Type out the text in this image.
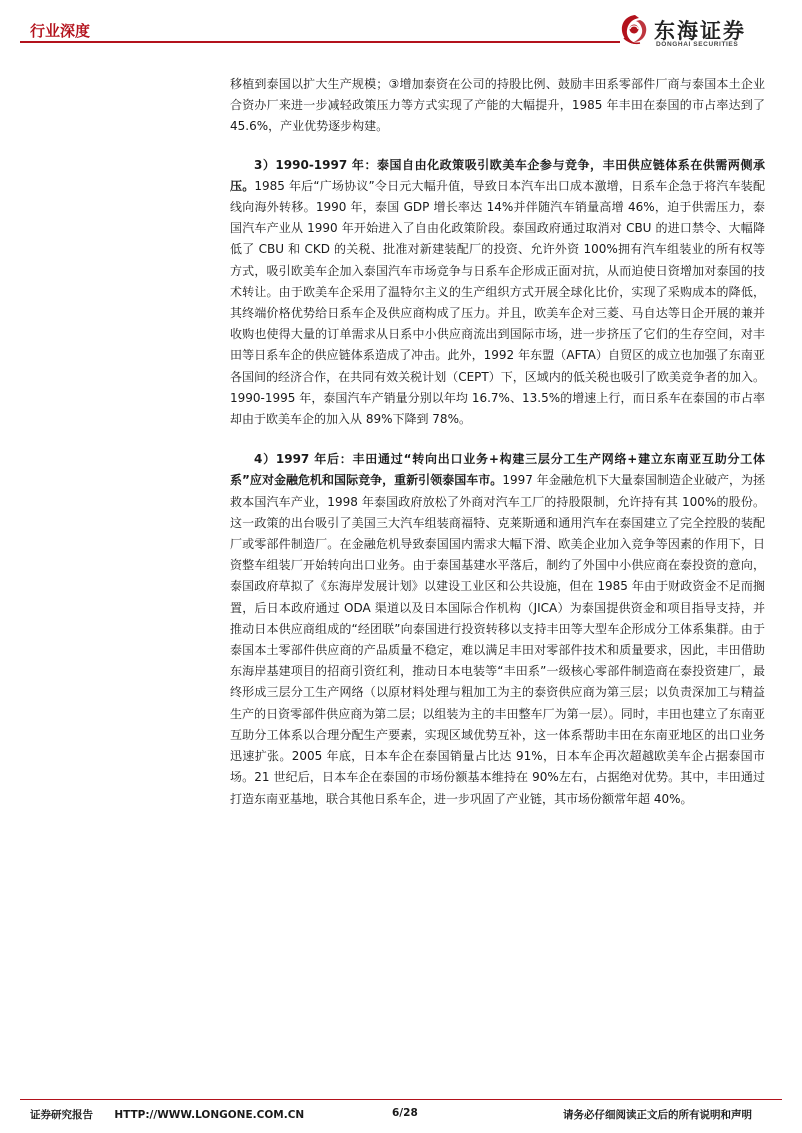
行业深度	东海证券
DONGHAI SECURITIES

移植到泰国以扩大生产规模；③增加泰资在公司的持股比例、鼓励丰田系零部件厂商与泰国本土企业合资办厂来进一步减轻政策压力等方式实现了产能的大幅提升，1985 年丰田在泰国的市占率达到了 45.6%，产业优势逐步构建。

3）1990-1997 年：泰国自由化政策吸引欧美车企参与竞争，丰田供应链体系在供需两侧承压。1985 年后“广场协议”令日元大幅升值，导致日本汽车出口成本激增，日系车企急于将汽车装配线向海外转移。1990 年，泰国 GDP 增长率达 14%并伴随汽车销量高增 46%，迫于供需压力，泰国汽车产业从 1990 年开始进入了自由化政策阶段。泰国政府通过取消对 CBU 的进口禁令、大幅降低了 CBU 和 CKD 的关税、批准对新建装配厂的投资、允许外资 100%拥有汽车组装业的所有权等方式，吸引欧美车企加入泰国汽车市场竞争与日系车企形成正面对抗，从而迫使日资增加对泰国的技术转让。由于欧美车企采用了温特尔主义的生产组织方式开展全球化比价，实现了采购成本的降低，其终端价格优势给日系车企及供应商构成了压力。并且，欧美车企对三菱、马自达等日企开展的兼并收购也使得大量的订单需求从日系中小供应商流出到国际市场，进一步挤压了它们的生存空间，对丰田等日系车企的供应链体系造成了冲击。此外，1992 年东盟（AFTA）自贸区的成立也加强了东南亚各国间的经济合作，在共同有效关税计划（CEPT）下，区域内的低关税也吸引了欧美竞争者的加入。1990-1995 年，泰国汽车产销量分别以年均 16.7%、13.5%的增速上行，而日系车在泰国的市占率却由于欧美车企的加入从 89%下降到 78%。

4）1997 年后：丰田通过“转向出口业务+构建三层分工生产网络+建立东南亚互助分工体系”应对金融危机和国际竞争，重新引领泰国车市。1997 年金融危机下大量泰国制造企业破产，为拯救本国汽车产业，1998 年泰国政府放松了外商对汽车工厂的持股限制，允许持有其 100%的股份。这一政策的出台吸引了美国三大汽车组装商福特、克莱斯通和通用汽车在泰国建立了完全控股的装配厂或零部件制造厂。在金融危机导致泰国国内需求大幅下滑、欧美企业加入竞争等因素的作用下，日资整车组装厂开始转向出口业务。由于泰国基建水平落后，制约了外国中小供应商在泰投资的意向，泰国政府草拟了《东海岸发展计划》以建设工业区和公共设施，但在 1985 年由于财政资金不足而搁置，后日本政府通过 ODA 渠道以及日本国际合作机构（JICA）为泰国提供资金和项目指导支持，并推动日本供应商组成的“经团联”向泰国进行投资转移以支持丰田等大型车企形成分工体系集群。由于泰国本土零部件供应商的产品质量不稳定，难以满足丰田对零部件技术和质量要求，因此，丰田借助东海岸基建项目的招商引资红利，推动日本电装等“丰田系”一级核心零部件制造商在泰投资建厂，最终形成三层分工生产网络（以原材料处理与粗加工为主的泰资供应商为第三层；以负责深加工与精益生产的日资零部件供应商为第二层；以组装为主的丰田整车厂为第一层）。同时，丰田也建立了东南亚互助分工体系以合理分配生产要素，实现区域优势互补，这一体系帮助丰田在东南亚地区的出口业务迅速扩张。2005 年底，日本车企在泰国销量占比达 91%，日本车企再次超越欧美车企占据泰国市场。21 世纪后，日本车企在泰国的市场份额基本维持在 90%左右，占据绝对优势。其中，丰田通过打造东南亚基地，联合其他日系车企，进一步巩固了产业链，其市场份额常年超 40%。

证券研究报告 HTTP://WWW.LONGONE.COM.CN	6/28	请务必仔细阅读正文后的所有说明和声明
